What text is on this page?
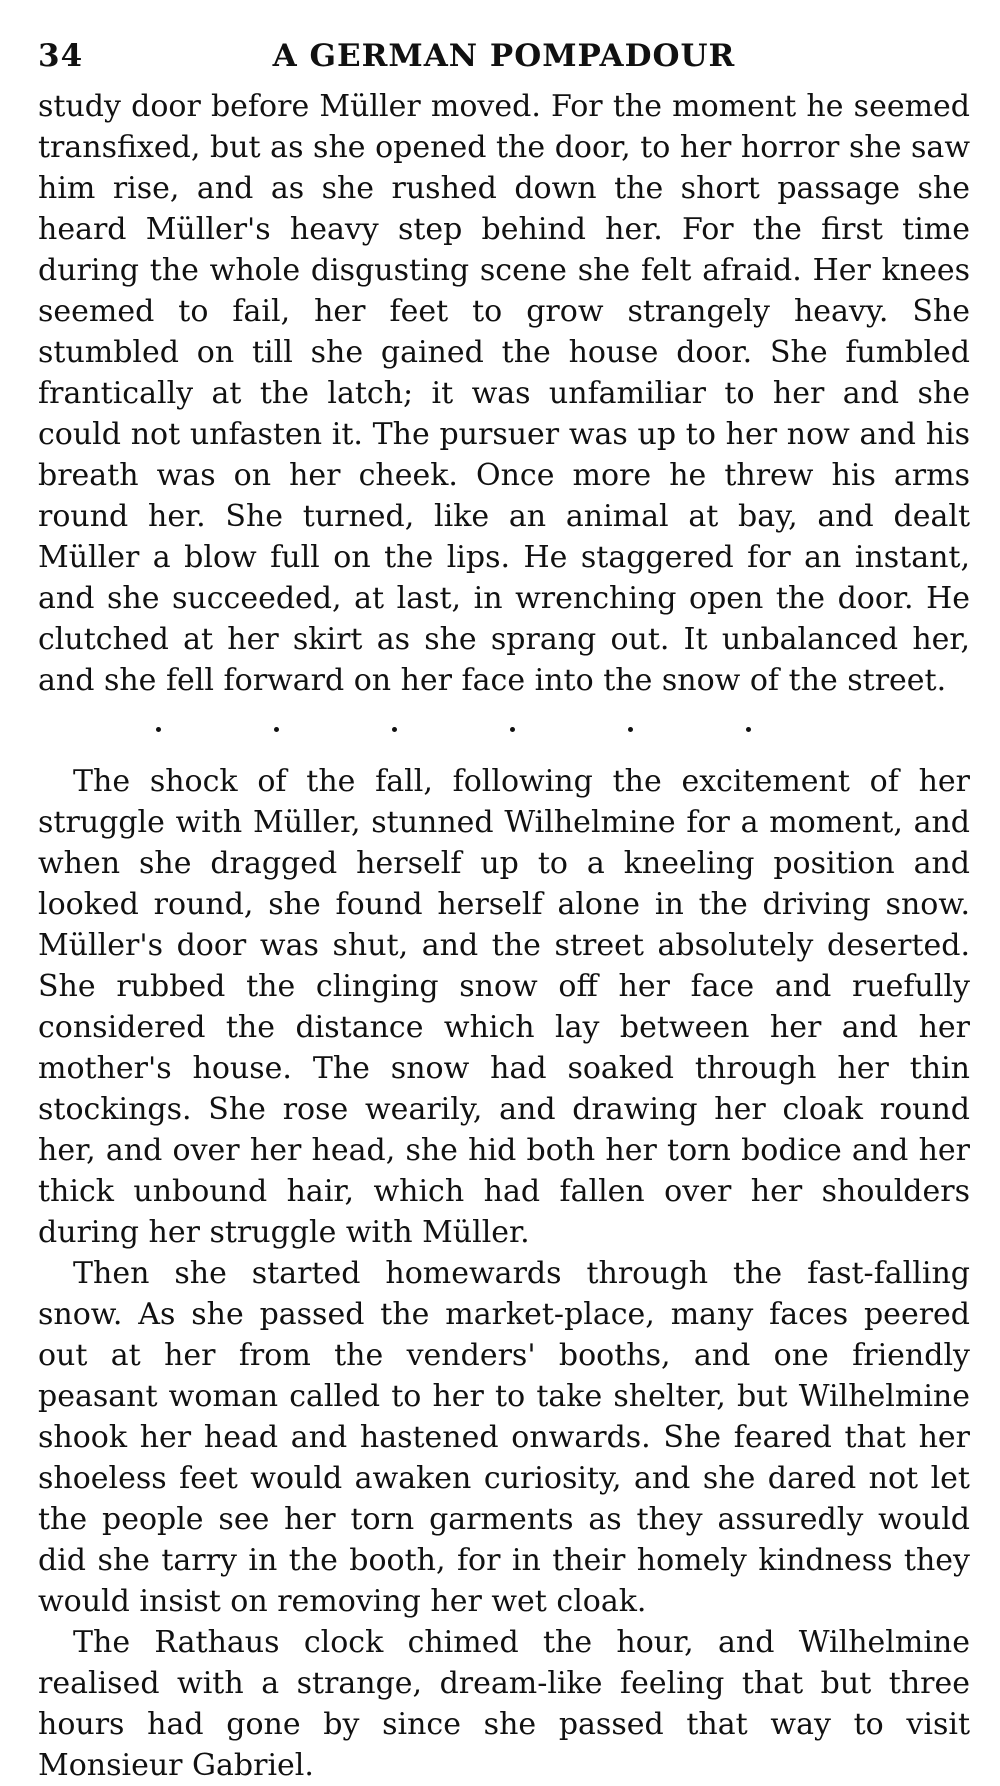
34	A GERMAN POMPADOUR

study door before Müller moved. For the moment he seemed transfixed, but as she opened the door, to her horror she saw him rise, and as she rushed down the short passage she heard Müller's heavy step behind her. For the first time during the whole disgusting scene she felt afraid. Her knees seemed to fail, her feet to grow strangely heavy. She stumbled on till she gained the house door. She fumbled frantically at the latch; it was unfamiliar to her and she could not unfasten it. The pursuer was up to her now and his breath was on her cheek. Once more he threw his arms round her. She turned, like an animal at bay, and dealt Müller a blow full on the lips. He staggered for an instant, and she succeeded, at last, in wrenching open the door. He clutched at her skirt as she sprang out. It unbalanced her, and she fell forward on her face into the snow of the street.

The shock of the fall, following the excitement of her struggle with Müller, stunned Wilhelmine for a moment, and when she dragged herself up to a kneeling position and looked round, she found herself alone in the driving snow. Müller's door was shut, and the street absolutely deserted. She rubbed the clinging snow off her face and ruefully considered the distance which lay between her and her mother's house. The snow had soaked through her thin stockings. She rose wearily, and drawing her cloak round her, and over her head, she hid both her torn bodice and her thick unbound hair, which had fallen over her shoulders during her struggle with Müller.

Then she started homewards through the fast-falling snow. As she passed the market-place, many faces peered out at her from the venders' booths, and one friendly peasant woman called to her to take shelter, but Wilhelmine shook her head and hastened onwards. She feared that her shoeless feet would awaken curiosity, and she dared not let the people see her torn garments as they assuredly would did she tarry in the booth, for in their homely kindness they would insist on removing her wet cloak.

The Rathaus clock chimed the hour, and Wilhelmine realised with a strange, dream-like feeling that but three hours had gone by since she passed that way to visit Monsieur Gabriel.
